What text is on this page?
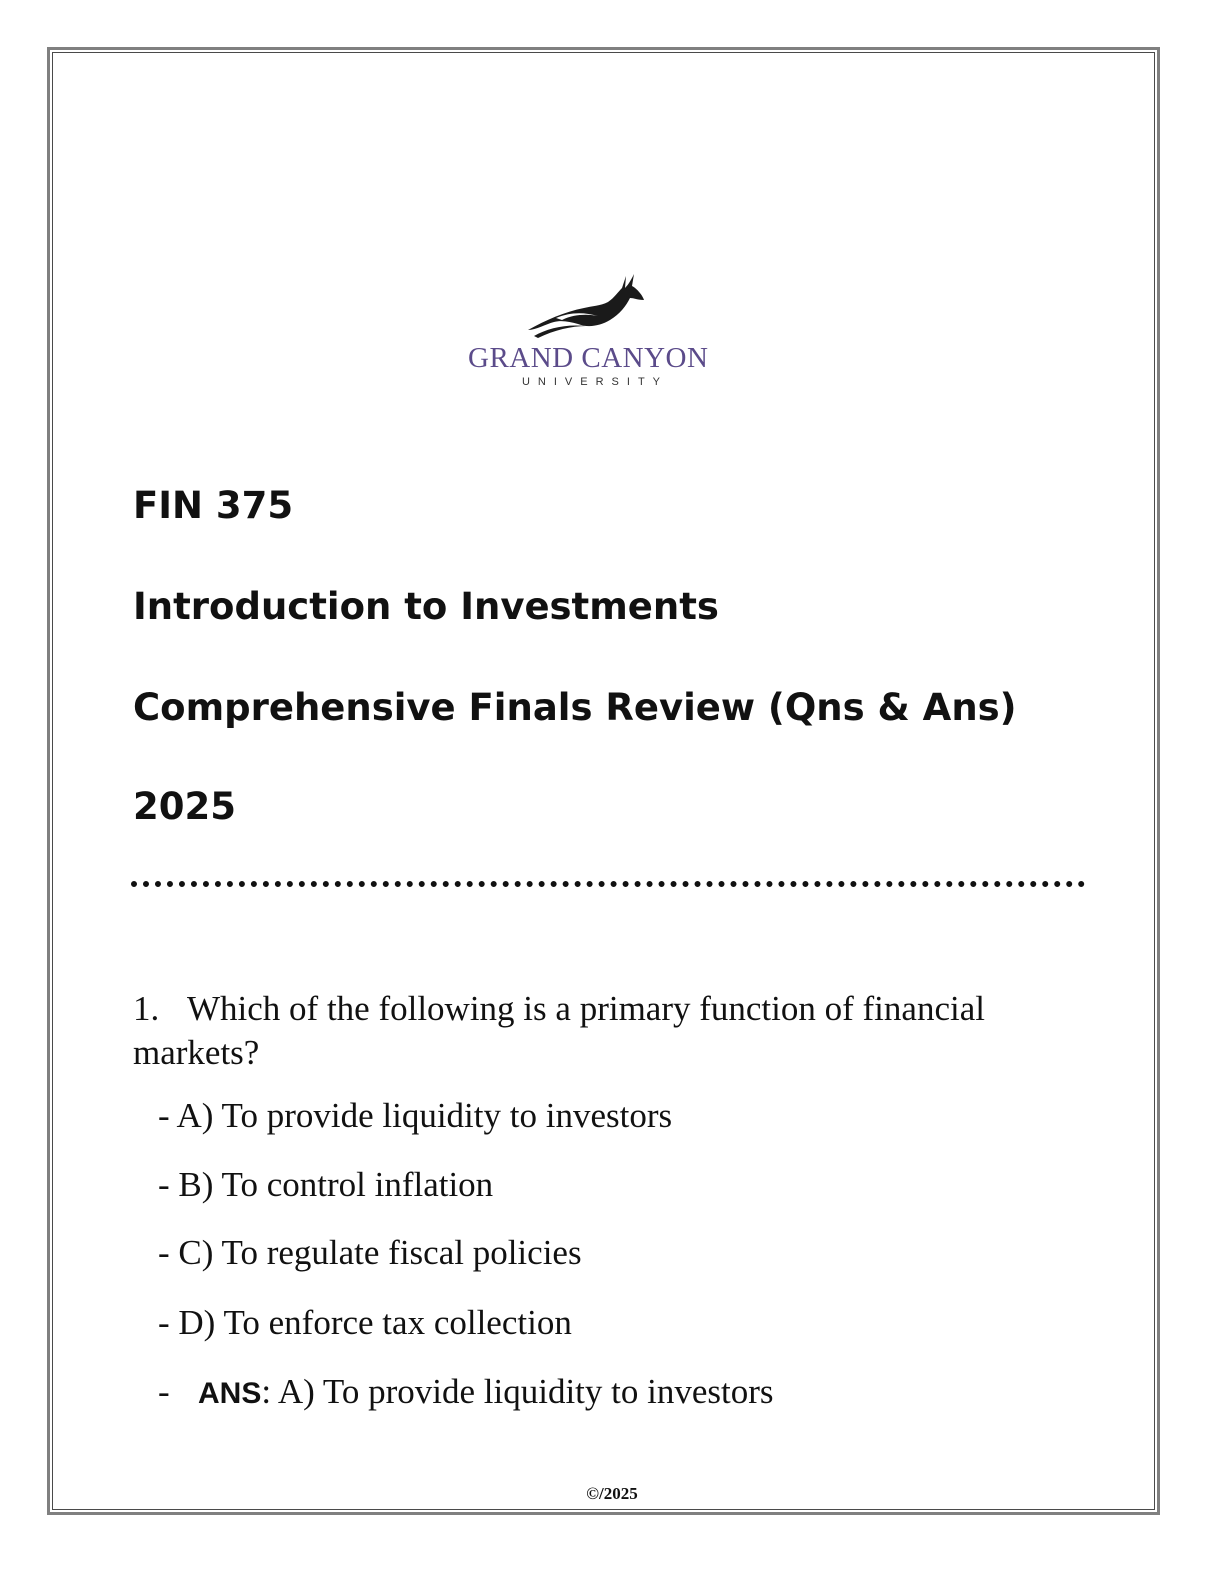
GRAND CANYON
UNIVERSITY
FIN 375
Introduction to Investments
Comprehensive Finals Review (Qns & Ans)
2025
1. Which of the following is a primary function of financial markets?
- A) To provide liquidity to investors
- B) To control inflation
- C) To regulate fiscal policies
- D) To enforce tax collection
- ANS: A) To provide liquidity to investors
©/2025
